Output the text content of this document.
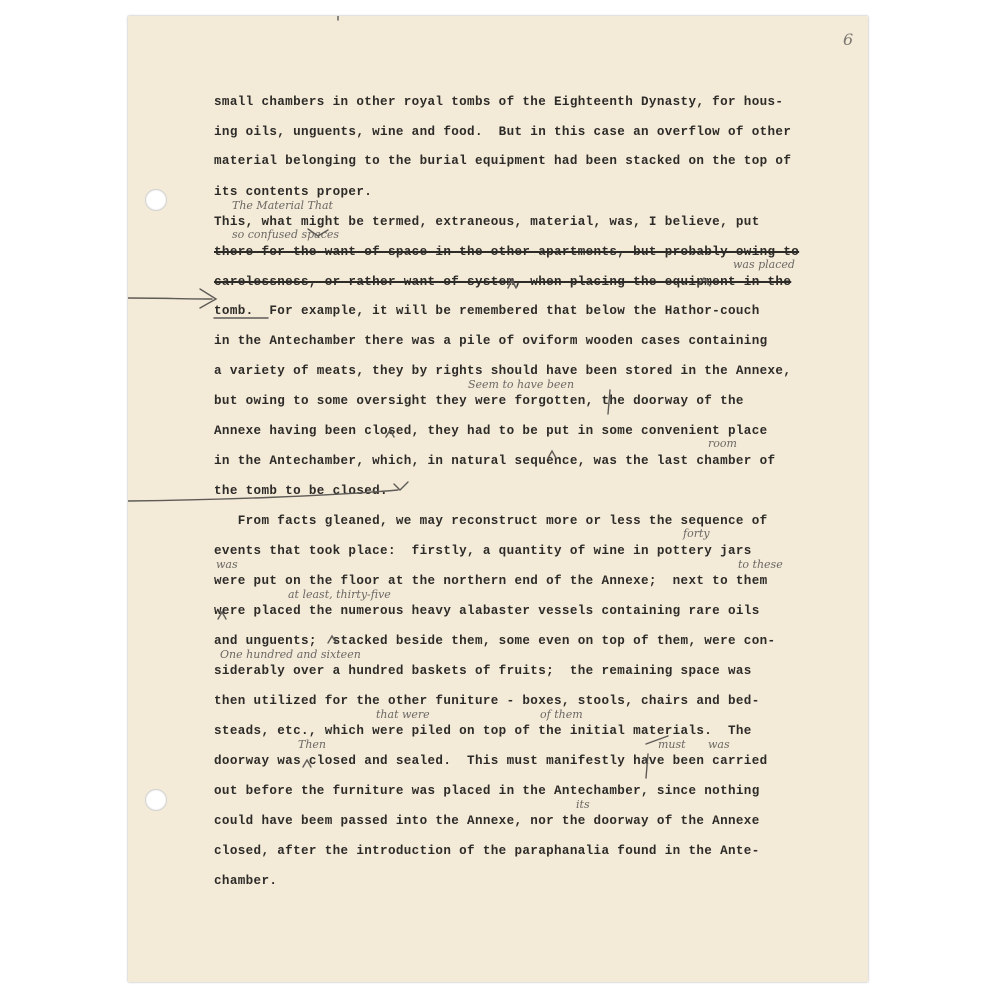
6
small chambers in other royal tombs of the Eighteenth Dynasty, for hous-
ing oils, unguents, wine and food.  But in this case an overflow of other
material belonging to the burial equipment had been stacked on the top of
its contents proper.
This, what might be termed, extraneous, material, was, I believe, put
there for the want of space in the other apartments, but probably owing to
carelessness, or rather want of system, when placing the equipment in the
tomb.  For example, it will be remembered that below the Hathor-couch
in the Antechamber there was a pile of oviform wooden cases containing
a variety of meats, they by rights should have been stored in the Annexe,
but owing to some oversight they were forgotten, the doorway of the
Annexe having been closed, they had to be put in some convenient place
in the Antechamber, which, in natural sequence, was the last chamber of
the tomb to be closed.
From facts gleaned, we may reconstruct more or less the sequence of
events that took place:  firstly, a quantity of wine in pottery jars
were put on the floor at the northern end of the Annexe;  next to them
were placed the numerous heavy alabaster vessels containing rare oils
and unguents;  stacked beside them, some even on top of them, were con-
siderably over a hundred baskets of fruits;  the remaining space was
then utilized for the other funiture - boxes, stools, chairs and bed-
steads, etc., which were piled on top of the initial materials.  The
doorway was closed and sealed.  This must manifestly have been carried
out before the furniture was placed in the Antechamber, since nothing
could have beem passed into the Annexe, nor the doorway of the Annexe
closed, after the introduction of the paraphanalia found in the Ante-
chamber.
The Material That
so confused spaces
Seem to have been
room
forty
was	to these
at least, thirty-five
One hundred and sixteen
that were	of them
Then	must was
its
was placed
